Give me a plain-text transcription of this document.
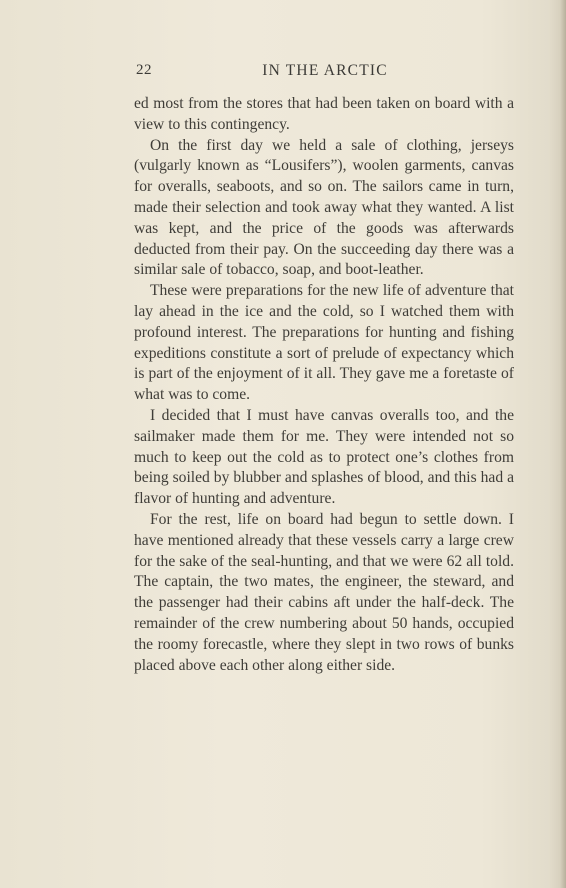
22	IN THE ARCTIC

ed most from the stores that had been taken on board with a view to this contingency.

On the first day we held a sale of clothing, jerseys (vulgarly known as “Lousifers”), woolen garments, canvas for overalls, seaboots, and so on. The sailors came in turn, made their selection and took away what they wanted. A list was kept, and the price of the goods was afterwards deducted from their pay. On the succeeding day there was a similar sale of tobacco, soap, and boot-leather.

These were preparations for the new life of adventure that lay ahead in the ice and the cold, so I watched them with profound interest. The preparations for hunting and fishing expeditions constitute a sort of prelude of expectancy which is part of the enjoyment of it all. They gave me a foretaste of what was to come.

I decided that I must have canvas overalls too, and the sailmaker made them for me. They were intended not so much to keep out the cold as to protect one’s clothes from being soiled by blubber and splashes of blood, and this had a flavor of hunting and adventure.

For the rest, life on board had begun to settle down. I have mentioned already that these vessels carry a large crew for the sake of the seal-hunting, and that we were 62 all told. The captain, the two mates, the engineer, the steward, and the passenger had their cabins aft under the half-deck. The remainder of the crew numbering about 50 hands, occupied the roomy forecastle, where they slept in two rows of bunks placed above each other along either side.
